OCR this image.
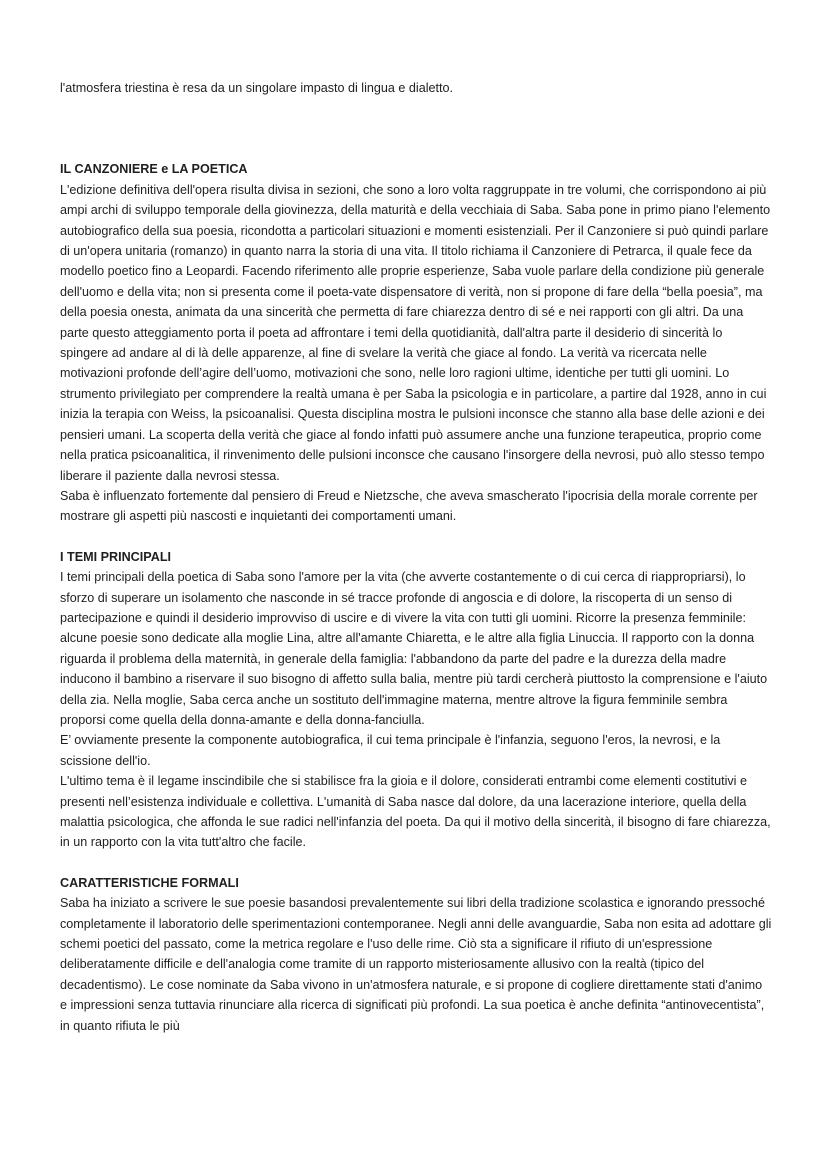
l'atmosfera triestina è resa da un singolare impasto di lingua e dialetto.

IL CANZONIERE e LA POETICA

L'edizione definitiva dell'opera risulta divisa in sezioni, che sono a loro volta raggruppate in tre volumi, che corrispondono ai più ampi archi di sviluppo temporale della giovinezza, della maturità e della vecchiaia di Saba. Saba pone in primo piano l'elemento autobiografico della sua poesia, ricondotta a particolari situazioni e momenti esistenziali. Per il Canzoniere si può quindi parlare di un'opera unitaria (romanzo) in quanto narra la storia di una vita. Il titolo richiama il Canzoniere di Petrarca, il quale fece da modello poetico fino a Leopardi. Facendo riferimento alle proprie esperienze, Saba vuole parlare della condizione più generale dell'uomo e della vita; non si presenta come il poeta-vate dispensatore di verità, non si propone di fare della “bella poesia”, ma della poesia onesta, animata da una sincerità che permetta di fare chiarezza dentro di sé e nei rapporti con gli altri. Da una parte questo atteggiamento porta il poeta ad affrontare i temi della quotidianità, dall'altra parte il desiderio di sincerità lo spingere ad andare al di là delle apparenze, al fine di svelare la verità che giace al fondo. La verità va ricercata nelle motivazioni profonde dell’agire dell’uomo, motivazioni che sono, nelle loro ragioni ultime, identiche per tutti gli uomini. Lo strumento privilegiato per comprendere la realtà umana è per Saba la psicologia e in particolare, a partire dal 1928, anno in cui inizia la terapia con Weiss, la psicoanalisi. Questa disciplina mostra le pulsioni inconsce che stanno alla base delle azioni e dei pensieri umani. La scoperta della verità che giace al fondo infatti può assumere anche una funzione terapeutica, proprio come nella pratica psicoanalitica, il rinvenimento delle pulsioni inconsce che causano l'insorgere della nevrosi, può allo stesso tempo liberare il paziente dalla nevrosi stessa.

Saba è influenzato fortemente dal pensiero di Freud e Nietzsche, che aveva smascherato l'ipocrisia della morale corrente per mostrare gli aspetti più nascosti e inquietanti dei comportamenti umani.

I TEMI PRINCIPALI

I temi principali della poetica di Saba sono l'amore per la vita (che avverte costantemente o di cui cerca di riappropriarsi), lo sforzo di superare un isolamento che nasconde in sé tracce profonde di angoscia e di dolore, la riscoperta di un senso di partecipazione e quindi il desiderio improvviso di uscire e di vivere la vita con tutti gli uomini. Ricorre la presenza femminile: alcune poesie sono dedicate alla moglie Lina, altre all'amante Chiaretta, e le altre alla figlia Linuccia. Il rapporto con la donna riguarda il problema della maternità, in generale della famiglia: l'abbandono da parte del padre e la durezza della madre inducono il bambino a riservare il suo bisogno di affetto sulla balia, mentre più tardi cercherà piuttosto la comprensione e l'aiuto della zia. Nella moglie, Saba cerca anche un sostituto dell'immagine materna, mentre altrove la figura femminile sembra proporsi come quella della donna-amante e della donna-fanciulla.

E’ ovviamente presente la componente autobiografica, il cui tema principale è l'infanzia, seguono l'eros, la nevrosi, e la scissione dell'io.

L'ultimo tema è il legame inscindibile che si stabilisce fra la gioia e il dolore, considerati entrambi come elementi costitutivi e presenti nell’esistenza individuale e collettiva. L'umanità di Saba nasce dal dolore, da una lacerazione interiore, quella della malattia psicologica, che affonda le sue radici nell'infanzia del poeta. Da qui il motivo della sincerità, il bisogno di fare chiarezza, in un rapporto con la vita tutt'altro che facile.

CARATTERISTICHE FORMALI

Saba ha iniziato a scrivere le sue poesie basandosi prevalentemente sui libri della tradizione scolastica e ignorando pressoché completamente il laboratorio delle sperimentazioni contemporanee. Negli anni delle avanguardie, Saba non esita ad adottare gli schemi poetici del passato, come la metrica regolare e l'uso delle rime. Ciò sta a significare il rifiuto di un'espressione deliberatamente difficile e dell'analogia come tramite di un rapporto misteriosamente allusivo con la realtà (tipico del decadentismo). Le cose nominate da Saba vivono in un'atmosfera naturale, e si propone di cogliere direttamente stati d'animo e impressioni senza tuttavia rinunciare alla ricerca di significati più profondi. La sua poetica è anche definita “antinovecentista”, in quanto rifiuta le più
